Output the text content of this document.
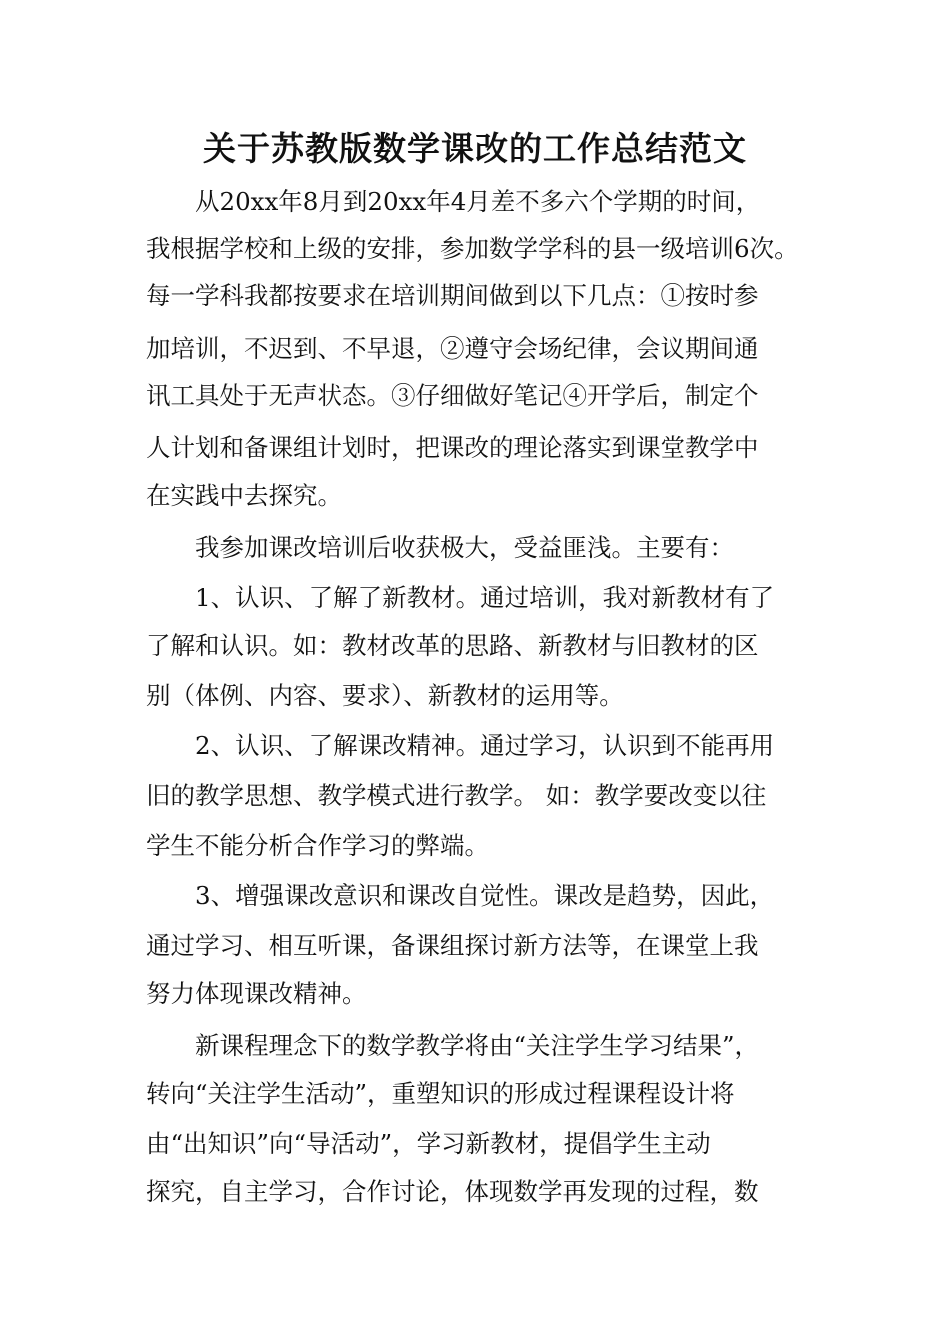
关于苏教版数学课改的工作总结范文

从20xx年8月到20xx年4月差不多六个学期的时间，

我根据学校和上级的安排，参加数学学科的县一级培训6次。

每一学科我都按要求在培训期间做到以下几点：①按时参

加培训，不迟到、不早退，②遵守会场纪律，会议期间通

讯工具处于无声状态。③仔细做好笔记④开学后，制定个

人计划和备课组计划时，把课改的理论落实到课堂教学中

在实践中去探究。

我参加课改培训后收获极大，受益匪浅。主要有：

1、认识、了解了新教材。通过培训，我对新教材有了

了解和认识。如：教材改革的思路、新教材与旧教材的区

别（体例、内容、要求）、新教材的运用等。

2、认识、了解课改精神。通过学习，认识到不能再用

旧的教学思想、教学模式进行教学。 如：教学要改变以往

学生不能分析合作学习的弊端。

3、增强课改意识和课改自觉性。课改是趋势，因此，

通过学习、相互听课，备课组探讨新方法等，在课堂上我

努力体现课改精神。

新课程理念下的数学教学将由“关注学生学习结果”，

转向“关注学生活动”，重塑知识的形成过程课程设计将

由“出知识”向“导活动”，学习新教材，提倡学生主动

探究，自主学习，合作讨论，体现数学再发现的过程，数
